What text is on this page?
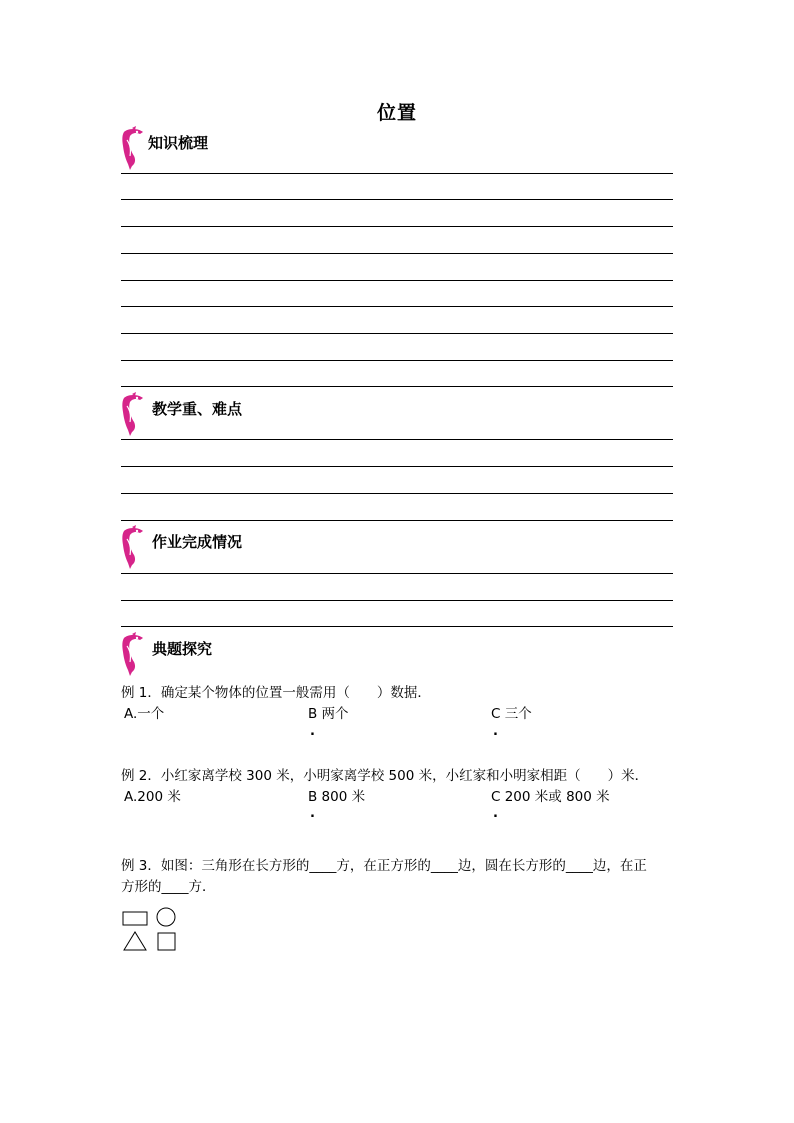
位置
知识梳理
教学重、难点
作业完成情况
典题探究
例 1．确定某个物体的位置一般需用（　　）数据．
A.一个	B 两个	C 三个
.	.
例 2．小红家离学校 300 米，小明家离学校 500 米，小红家和小明家相距（　　）米．
A.200 米	B 800 米	C 200 米或 800 米
.	.
例 3．如图：三角形在长方形的____方，在正方形的____边，圆在长方形的____边，在正
方形的____方．
